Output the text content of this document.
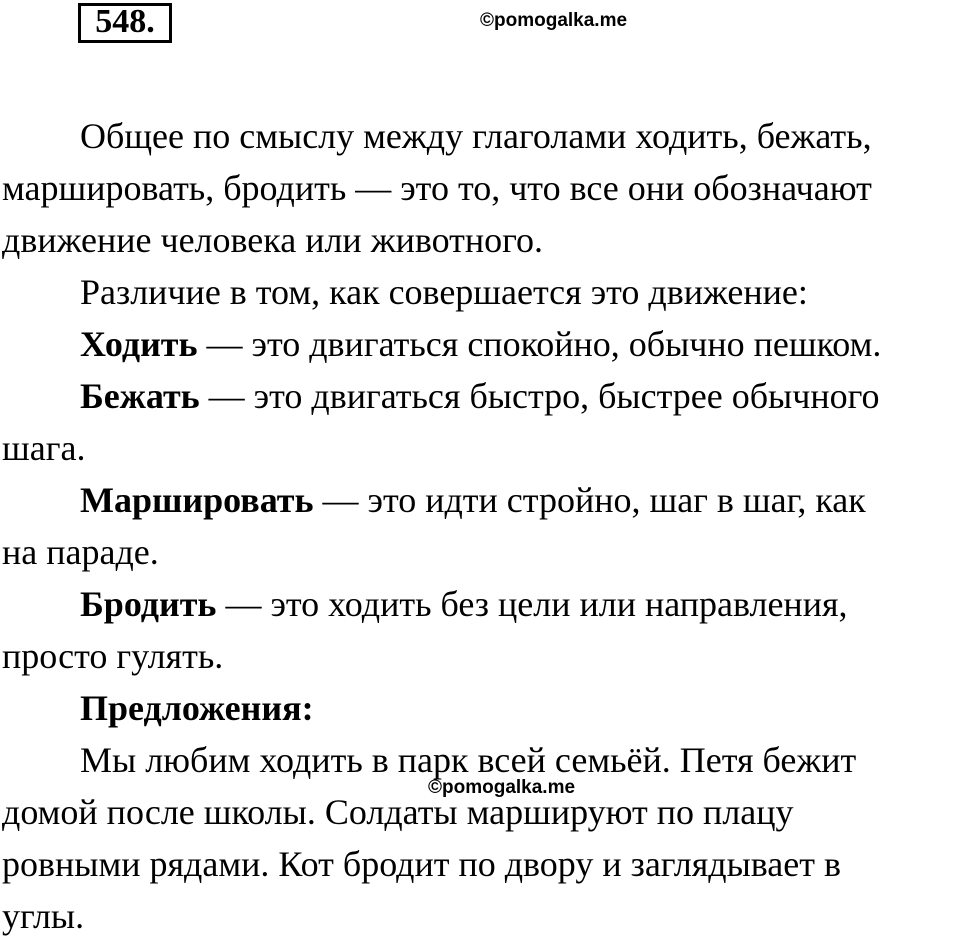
548.	©pomogalka.me
Общее по смыслу между глаголами ходить, бежать,
маршировать, бродить — это то, что все они обозначают
движение человека или животного.
Различие в том, как совершается это движение:
Ходить — это двигаться спокойно, обычно пешком.
Бежать — это двигаться быстро, быстрее обычного
шага.
Маршировать — это идти стройно, шаг в шаг, как
на параде.
Бродить — это ходить без цели или направления,
просто гулять.
Предложения:
Мы любим ходить в парк всей семьёй. Петя бежит
домой после школы. Солдаты маршируют по плацу
ровными рядами. Кот бродит по двору и заглядывает в
углы.
©pomogalka.me
